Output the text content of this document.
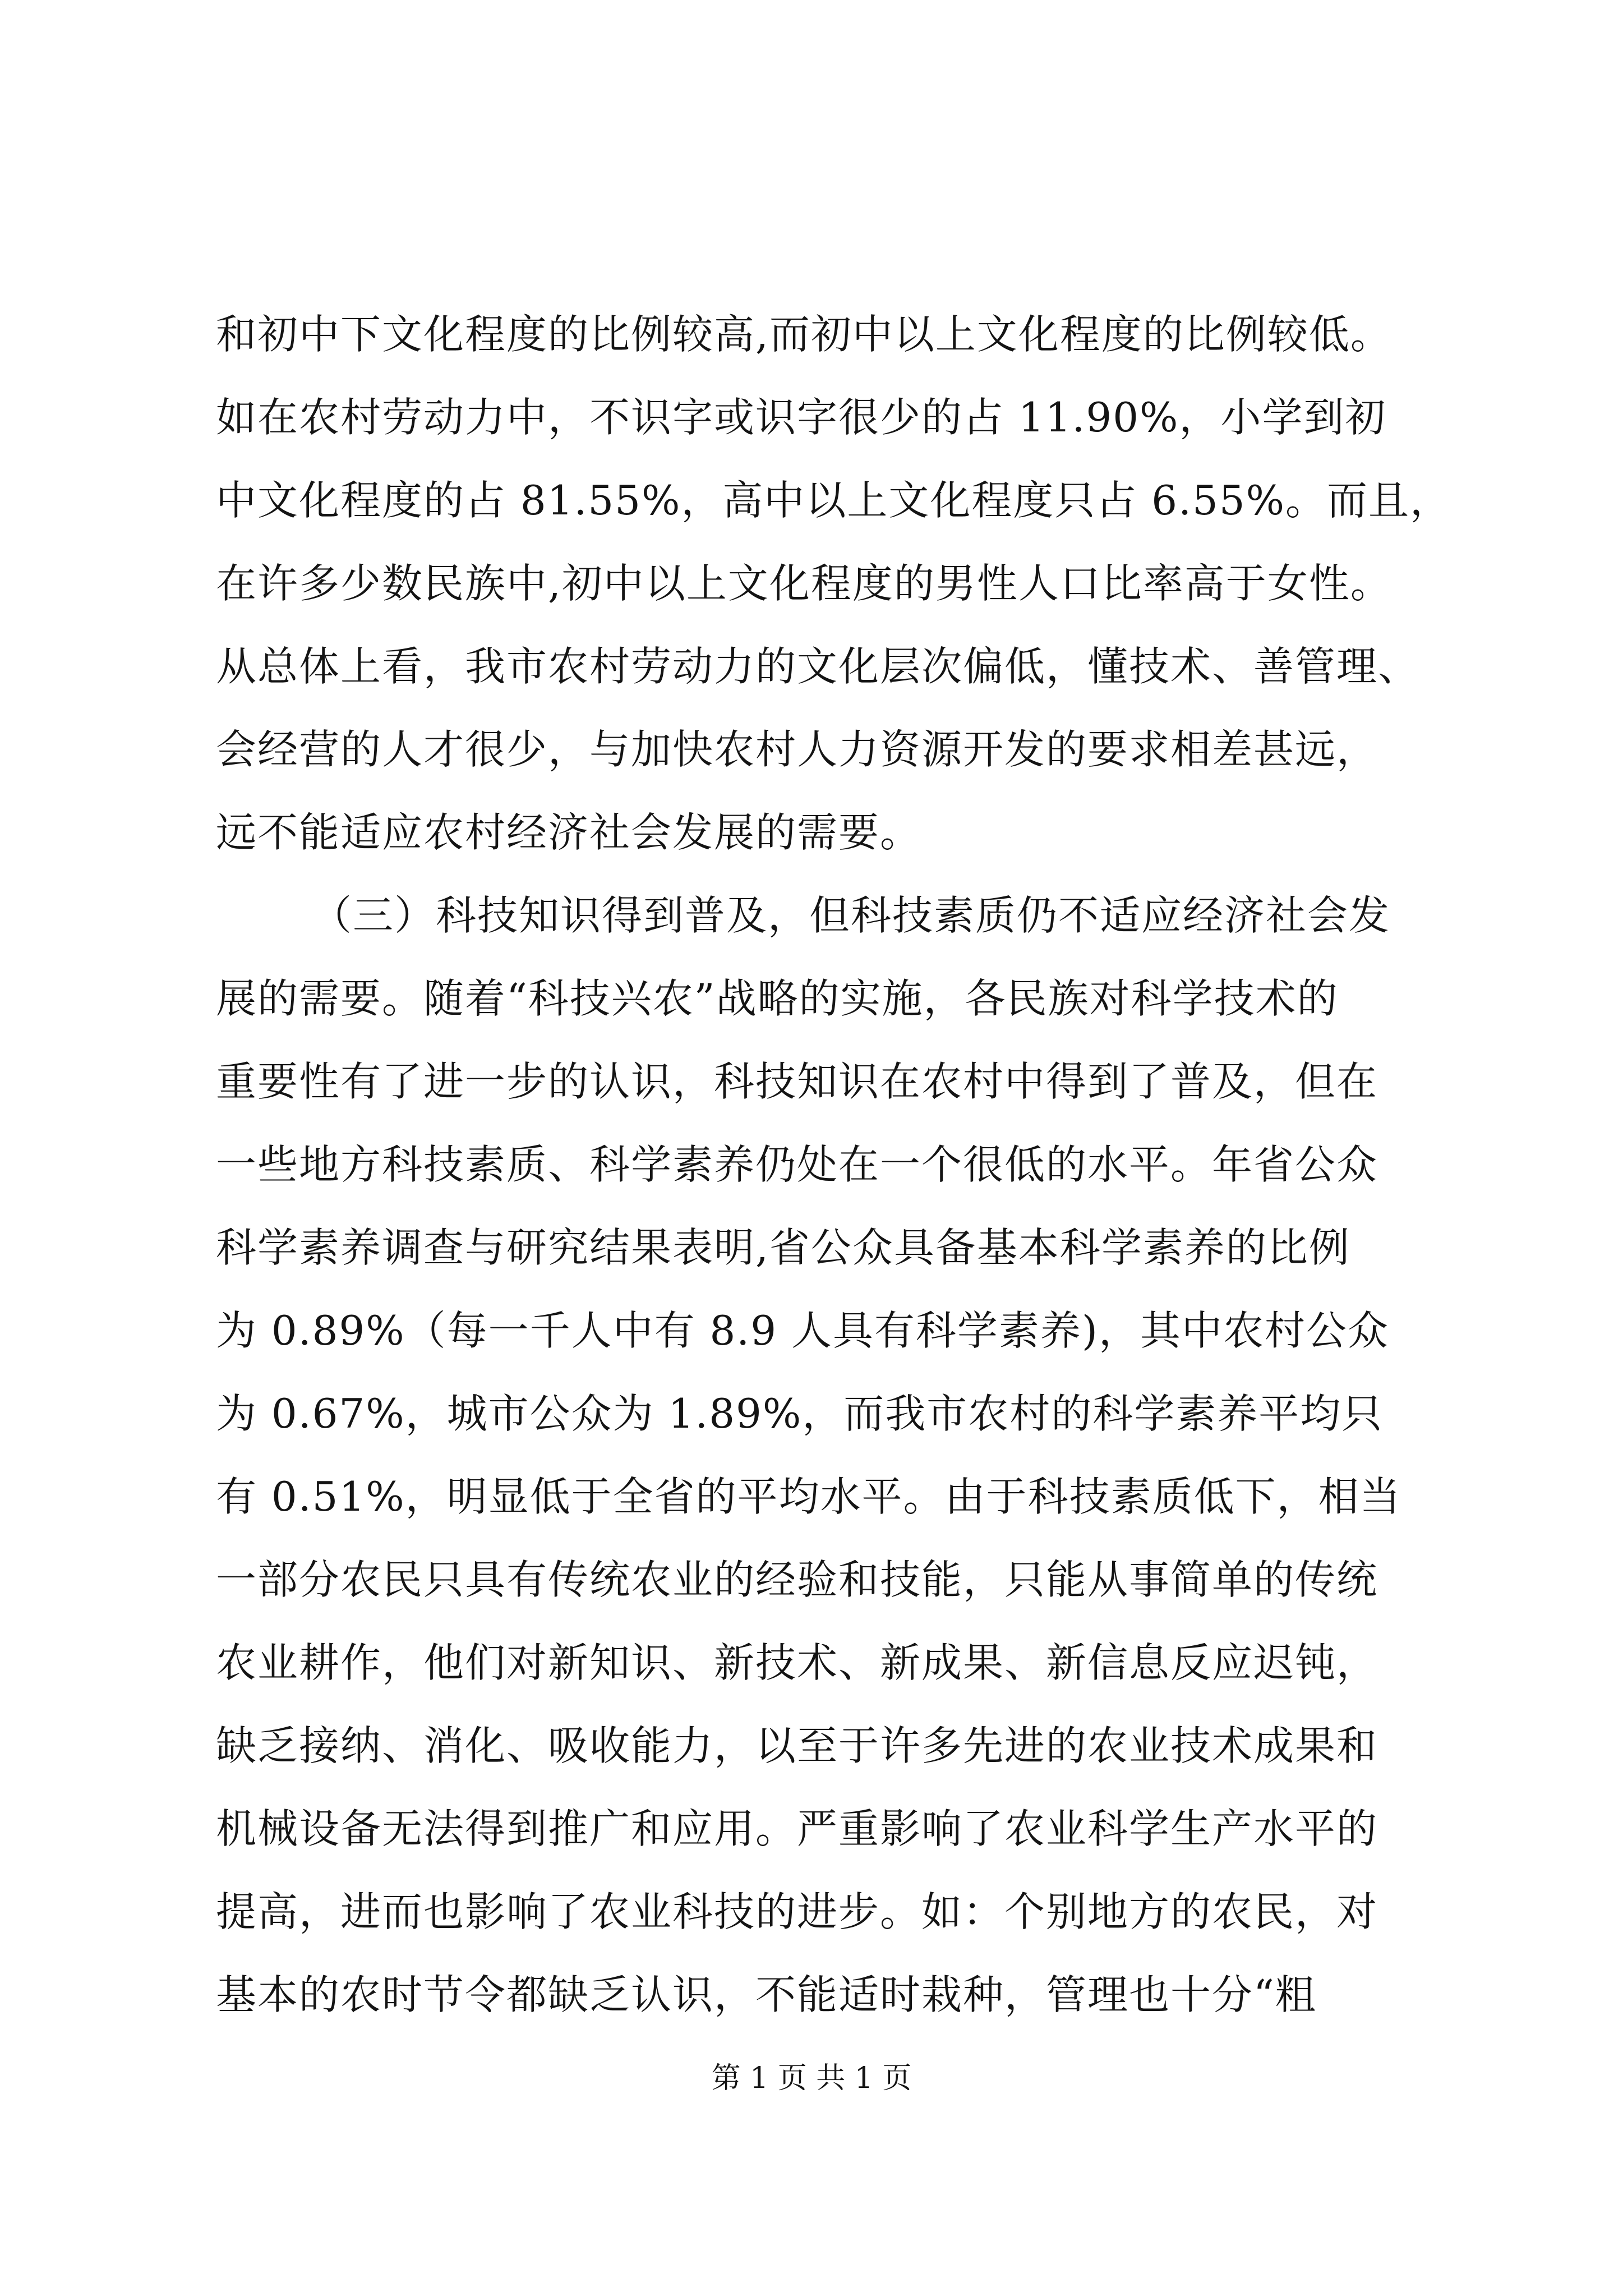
和初中下文化程度的比例较高,而初中以上文化程度的比例较低。
如在农村劳动力中，不识字或识字很少的占 11.90%，小学到初
中文化程度的占 81.55%，高中以上文化程度只占 6.55%。而且，
在许多少数民族中,初中以上文化程度的男性人口比率高于女性。
从总体上看，我市农村劳动力的文化层次偏低，懂技术、善管理、
会经营的人才很少，与加快农村人力资源开发的要求相差甚远，
远不能适应农村经济社会发展的需要。
（三）科技知识得到普及，但科技素质仍不适应经济社会发
展的需要。随着“科技兴农”战略的实施，各民族对科学技术的
重要性有了进一步的认识，科技知识在农村中得到了普及，但在
一些地方科技素质、科学素养仍处在一个很低的水平。年省公众
科学素养调查与研究结果表明,省公众具备基本科学素养的比例
为 0.89%（每一千人中有 8.9 人具有科学素养)，其中农村公众
为 0.67%，城市公众为 1.89%，而我市农村的科学素养平均只
有 0.51%，明显低于全省的平均水平。由于科技素质低下，相当
一部分农民只具有传统农业的经验和技能，只能从事简单的传统
农业耕作，他们对新知识、新技术、新成果、新信息反应迟钝，
缺乏接纳、消化、吸收能力，以至于许多先进的农业技术成果和
机械设备无法得到推广和应用。严重影响了农业科学生产水平的
提高，进而也影响了农业科技的进步。如：个别地方的农民，对
基本的农时节令都缺乏认识，不能适时栽种，管理也十分“粗
第 1 页 共 1 页
